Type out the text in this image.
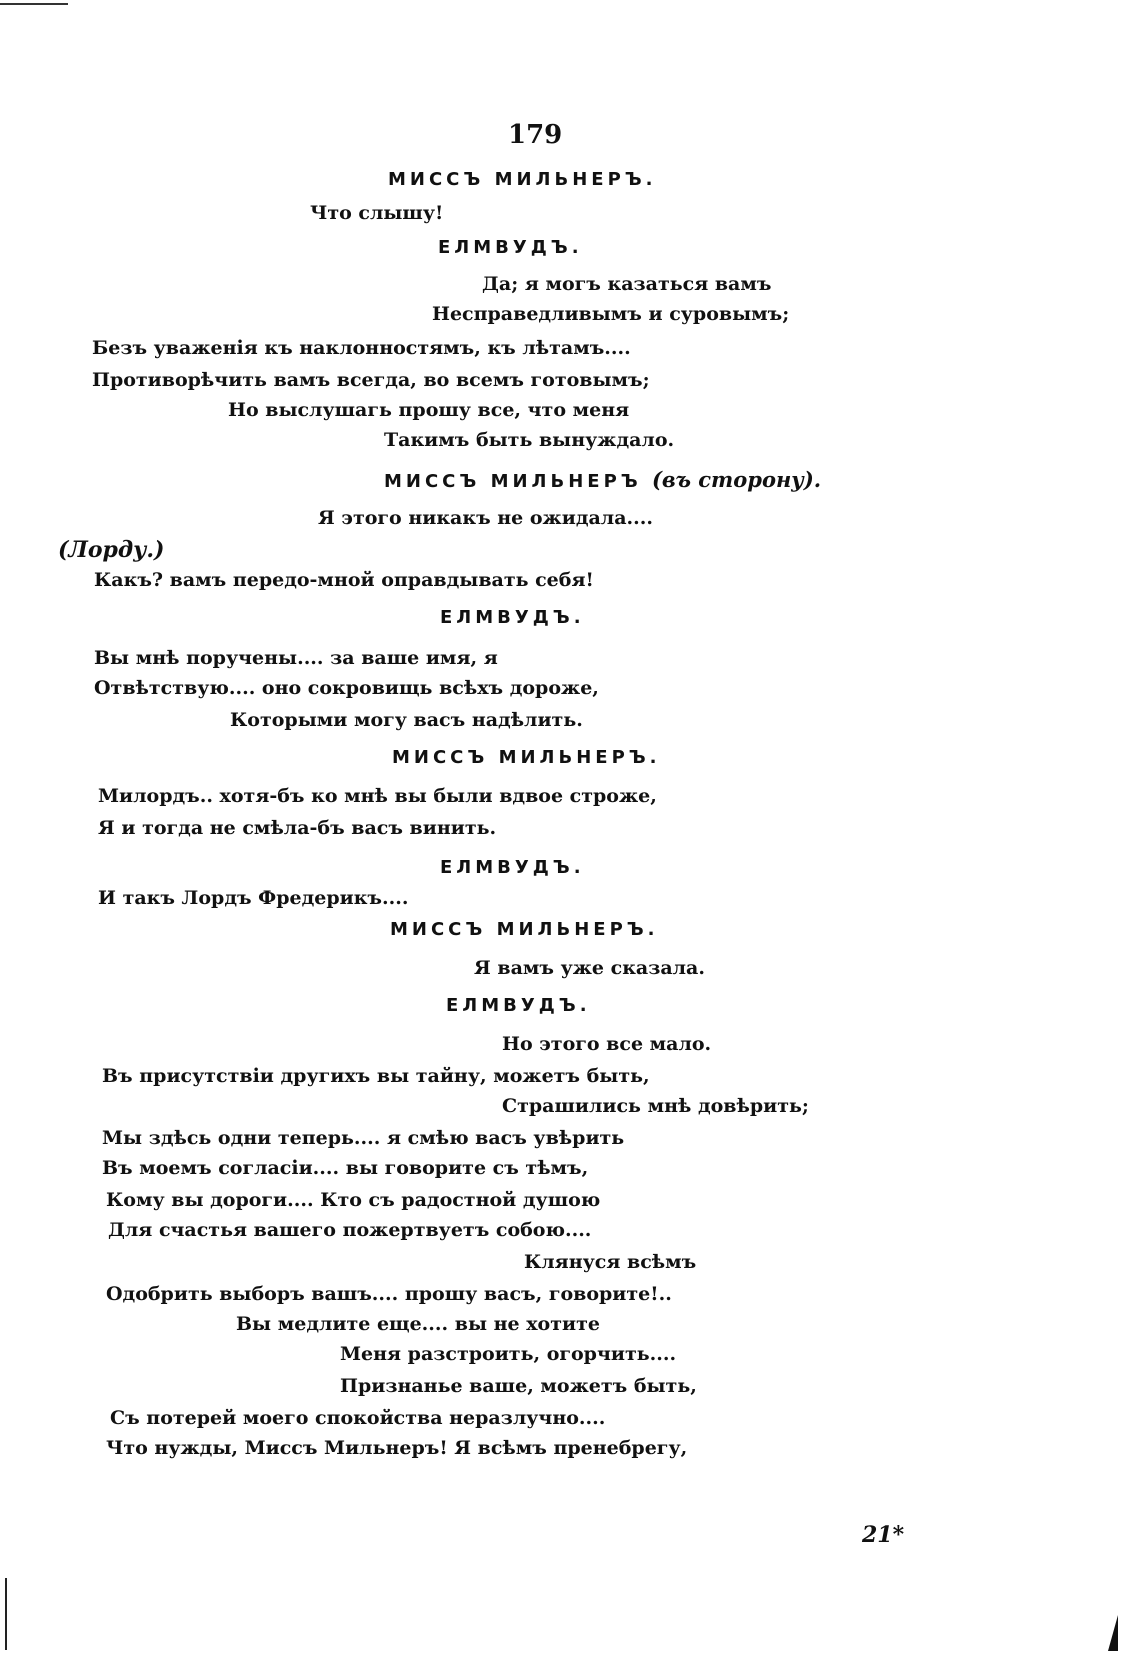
179
МИССЪ МИЛЬНЕРЪ.
Что слышу!
ЕЛМВУДЪ.
Да; я могъ казаться вамъ
Несправедливымъ и суровымъ;
Безъ уваженія къ наклонностямъ, къ лѣтамъ....
Противорѣчить вамъ всегда, во всемъ готовымъ;
Но выслушагь прошу все, что меня
Такимъ быть вынуждало.
МИССЪ МИЛЬНЕРЪ (въ сторону).
Я этого никакъ не ожидала....
(Лорду.)
Какъ? вамъ передо-мной оправдывать себя!
ЕЛМВУДЪ.
Вы мнѣ поручены.... за ваше имя, я
Отвѣтствую.... оно сокровищь всѣхъ дороже,
Которыми могу васъ надѣлить.
МИССЪ МИЛЬНЕРЪ.
Милордъ.. хотя-бъ ко мнѣ вы были вдвое строже,
Я и тогда не смѣла-бъ васъ винить.
ЕЛМВУДЪ.
И такъ Лордъ Фредерикъ....
МИССЪ МИЛЬНЕРЪ.
Я вамъ уже сказала.
ЕЛМВУДЪ.
Но этого все мало.
Въ присутствіи другихъ вы тайну, можетъ быть,
Страшились мнѣ довѣрить;
Мы здѣсь одни теперь.... я смѣю васъ увѣрить
Въ моемъ согласіи.... вы говорите съ тѣмъ,
Кому вы дороги.... Кто съ радостной душою
Для счастья вашего пожертвуетъ собою....
Клянуся всѣмъ
Одобрить выборъ вашъ.... прошу васъ, говорите!..
Вы медлите еще.... вы не хотите
Меня разстроить, огорчить....
Признанье ваше, можетъ быть,
Съ потерей моего спокойства неразлучно....
Что нужды, Миссъ Мильнеръ! Я всѣмъ пренебрегу,
21*
